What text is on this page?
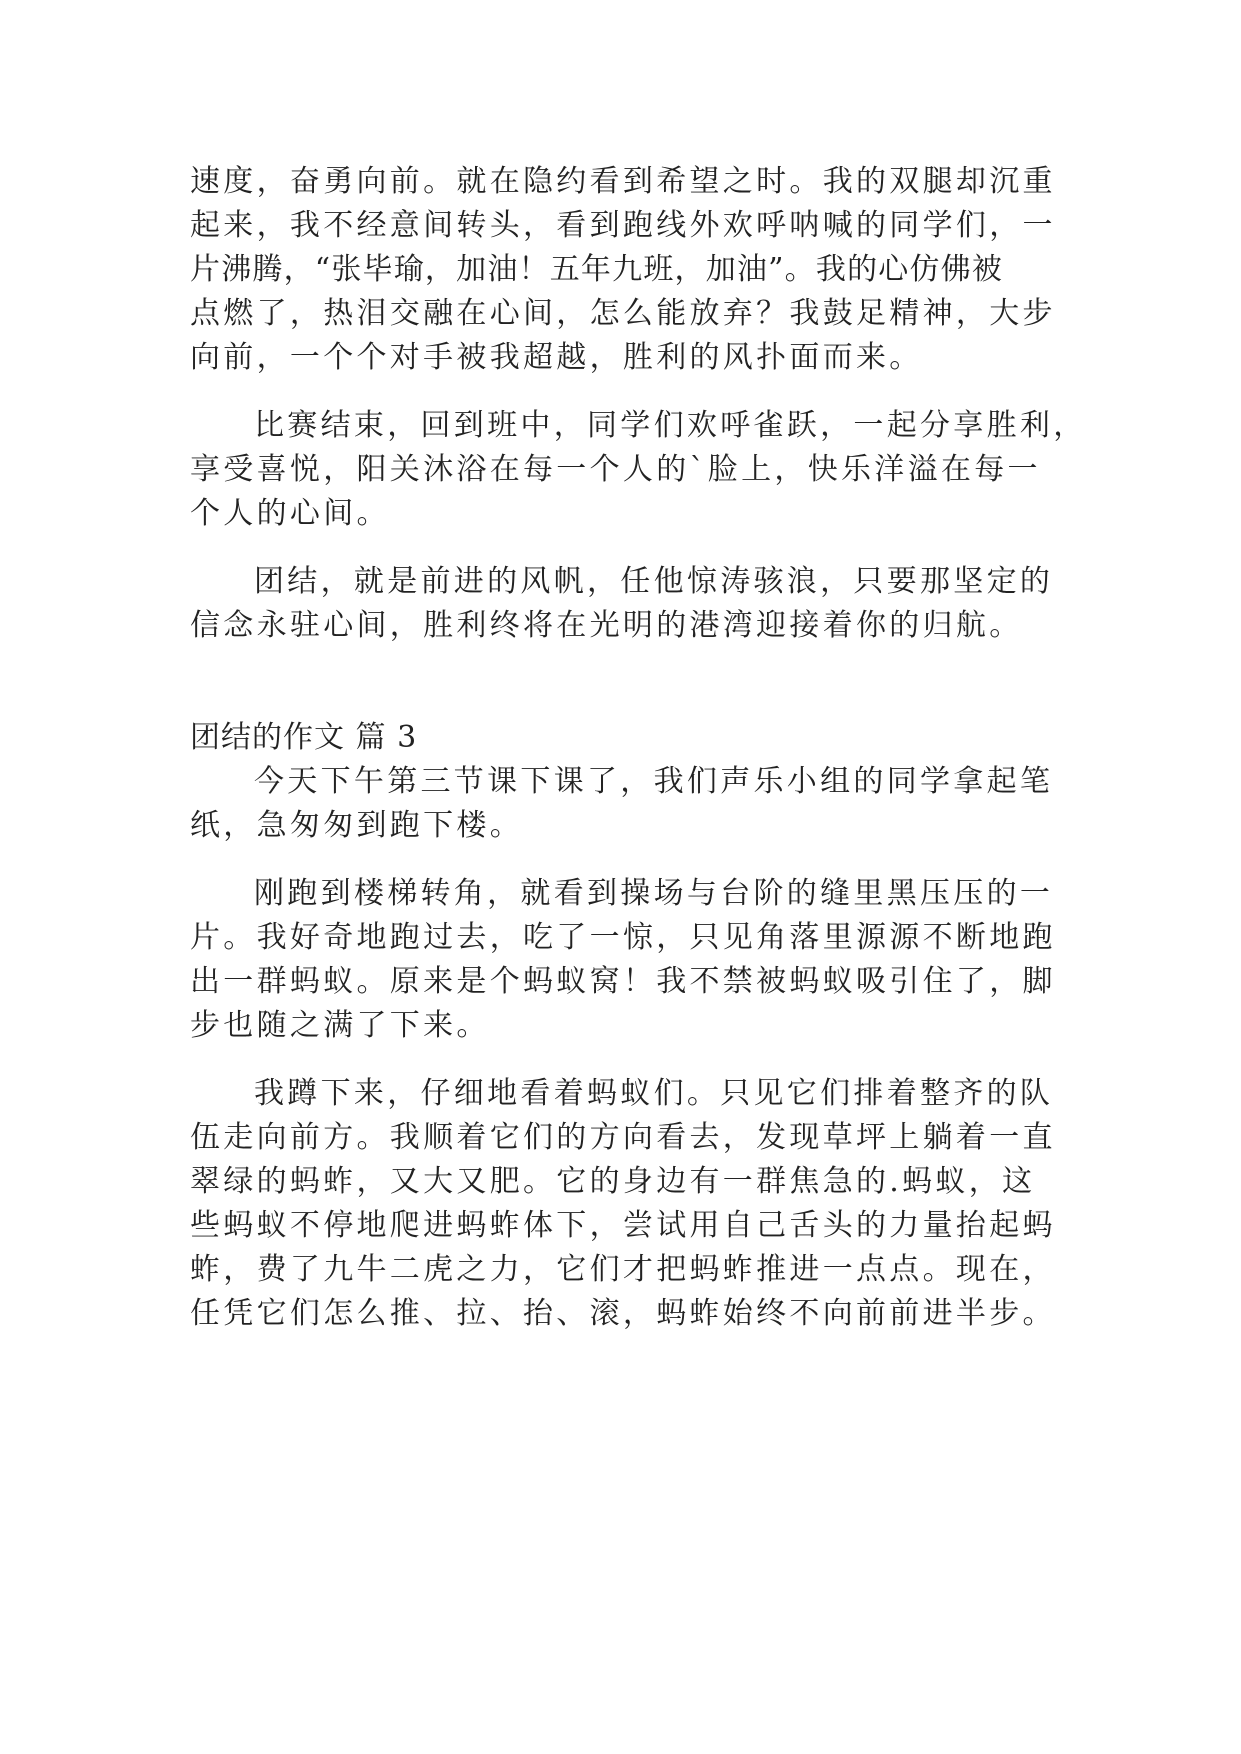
速度，奋勇向前。就在隐约看到希望之时。我的双腿却沉重
起来，我不经意间转头，看到跑线外欢呼呐喊的同学们，一
片沸腾，“张毕瑜，加油！五年九班，加油”。我的心仿佛被
点燃了，热泪交融在心间，怎么能放弃？我鼓足精神，大步
向前，一个个对手被我超越，胜利的风扑面而来。
比赛结束，回到班中，同学们欢呼雀跃，一起分享胜利，
享受喜悦，阳关沐浴在每一个人的`脸上，快乐洋溢在每一
个人的心间。
团结，就是前进的风帆，任他惊涛骇浪，只要那坚定的
信念永驻心间，胜利终将在光明的港湾迎接着你的归航。
团结的作文 篇 3
今天下午第三节课下课了，我们声乐小组的同学拿起笔
纸，急匆匆到跑下楼。
刚跑到楼梯转角，就看到操场与台阶的缝里黑压压的一
片。我好奇地跑过去，吃了一惊，只见角落里源源不断地跑
出一群蚂蚁。原来是个蚂蚁窝！我不禁被蚂蚁吸引住了，脚
步也随之满了下来。
我蹲下来，仔细地看着蚂蚁们。只见它们排着整齐的队
伍走向前方。我顺着它们的方向看去，发现草坪上躺着一直
翠绿的蚂蚱，又大又肥。它的身边有一群焦急的.蚂蚁，这
些蚂蚁不停地爬进蚂蚱体下，尝试用自己舌头的力量抬起蚂
蚱，费了九牛二虎之力，它们才把蚂蚱推进一点点。现在，
任凭它们怎么推、拉、抬、滚，蚂蚱始终不向前前进半步。
